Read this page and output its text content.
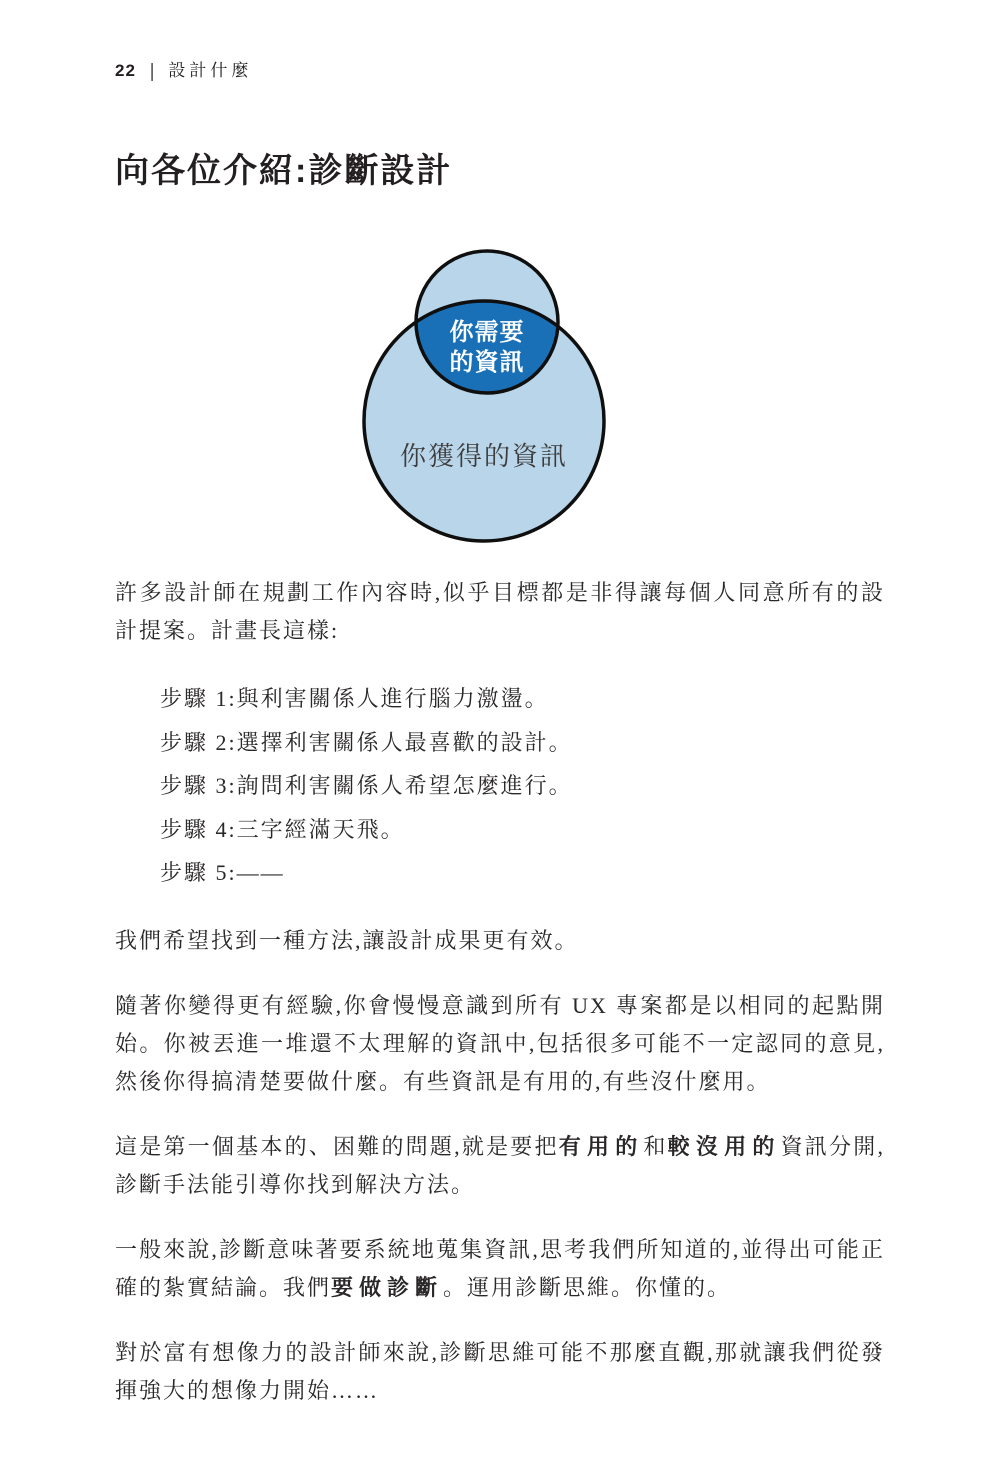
22 | 設計什麼
向各位介紹:診斷設計
你需要
的資訊
你獲得的資訊

許多設計師在規劃工作內容時,似乎目標都是非得讓每個人同意所有的設計提案。計畫長這樣:

步驟 1:與利害關係人進行腦力激盪。
步驟 2:選擇利害關係人最喜歡的設計。
步驟 3:詢問利害關係人希望怎麼進行。
步驟 4:三字經滿天飛。
步驟 5:——

我們希望找到一種方法,讓設計成果更有效。

隨著你變得更有經驗,你會慢慢意識到所有 UX 專案都是以相同的起點開始。你被丟進一堆還不太理解的資訊中,包括很多可能不一定認同的意見,然後你得搞清楚要做什麼。有些資訊是有用的,有些沒什麼用。

這是第一個基本的、困難的問題,就是要把有用的和較沒用的資訊分開,診斷手法能引導你找到解決方法。

一般來說,診斷意味著要系統地蒐集資訊,思考我們所知道的,並得出可能正確的紮實結論。我們要做診斷。運用診斷思維。你懂的。

對於富有想像力的設計師來說,診斷思維可能不那麼直觀,那就讓我們從發揮強大的想像力開始……
